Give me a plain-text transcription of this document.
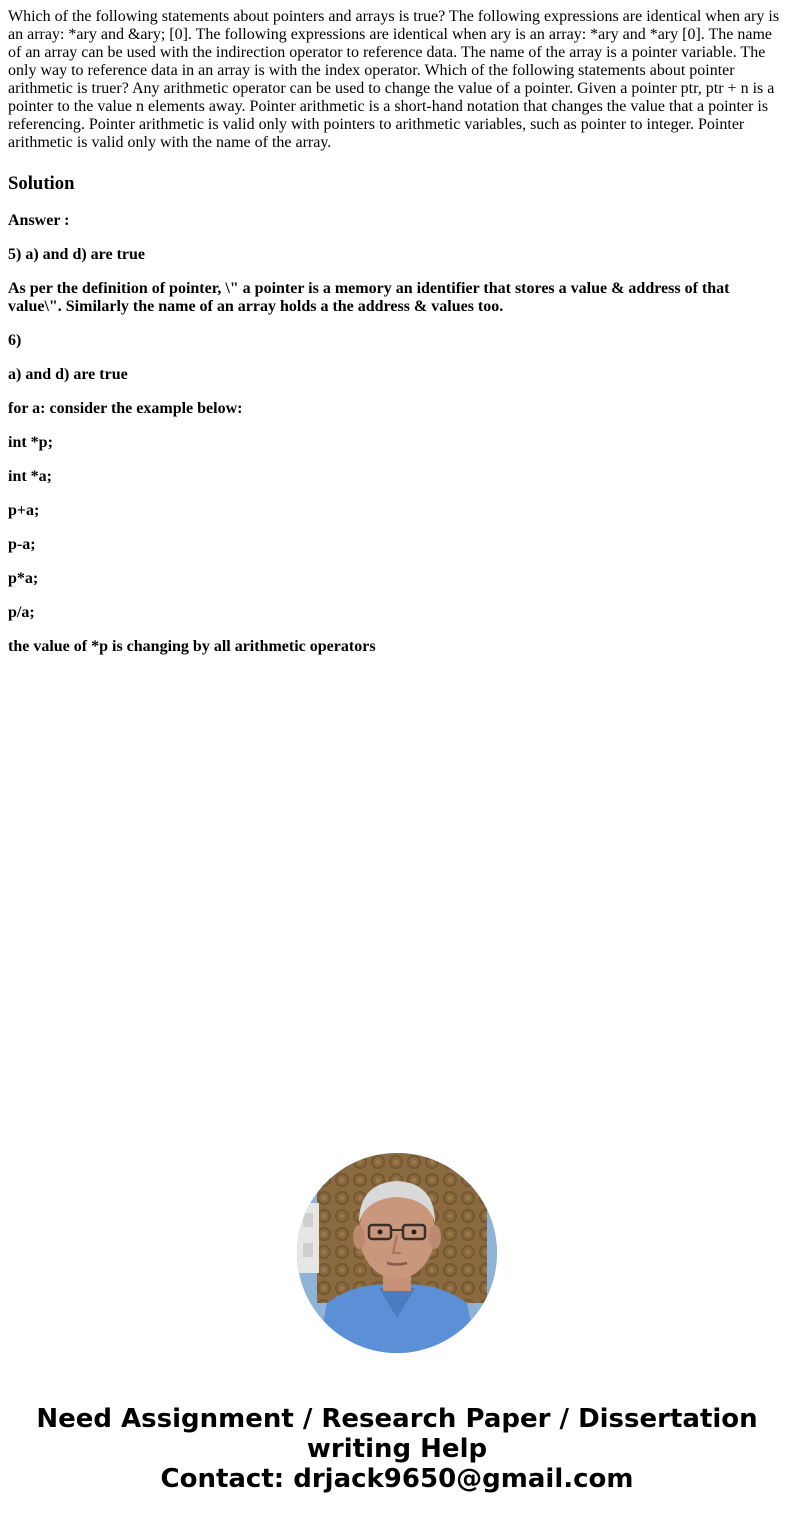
Which of the following statements about pointers and arrays is true? The following expressions are identical when ary is an array: *ary and &ary; [0]. The following expressions are identical when ary is an array: *ary and *ary [0]. The name of an array can be used with the indirection operator to reference data. The name of the array is a pointer variable. The only way to reference data in an array is with the index operator. Which of the following statements about pointer arithmetic is truer? Any arithmetic operator can be used to change the value of a pointer. Given a pointer ptr, ptr + n is a pointer to the value n elements away. Pointer arithmetic is a short-hand notation that changes the value that a pointer is referencing. Pointer arithmetic is valid only with pointers to arithmetic variables, such as pointer to integer. Pointer arithmetic is valid only with the name of the array.

Solution

Answer :

5) a) and d) are true

As per the definition of pointer, \" a pointer is a memory an identifier that stores a value & address of that value\". Similarly the name of an array holds a the address & values too.

6)

a) and d) are true

for a: consider the example below:

int *p;

int *a;

p+a;

p-a;

p*a;

p/a;

the value of *p is changing by all arithmetic operators

Need Assignment / Research Paper / Dissertation
writing Help
Contact: drjack9650@gmail.com
